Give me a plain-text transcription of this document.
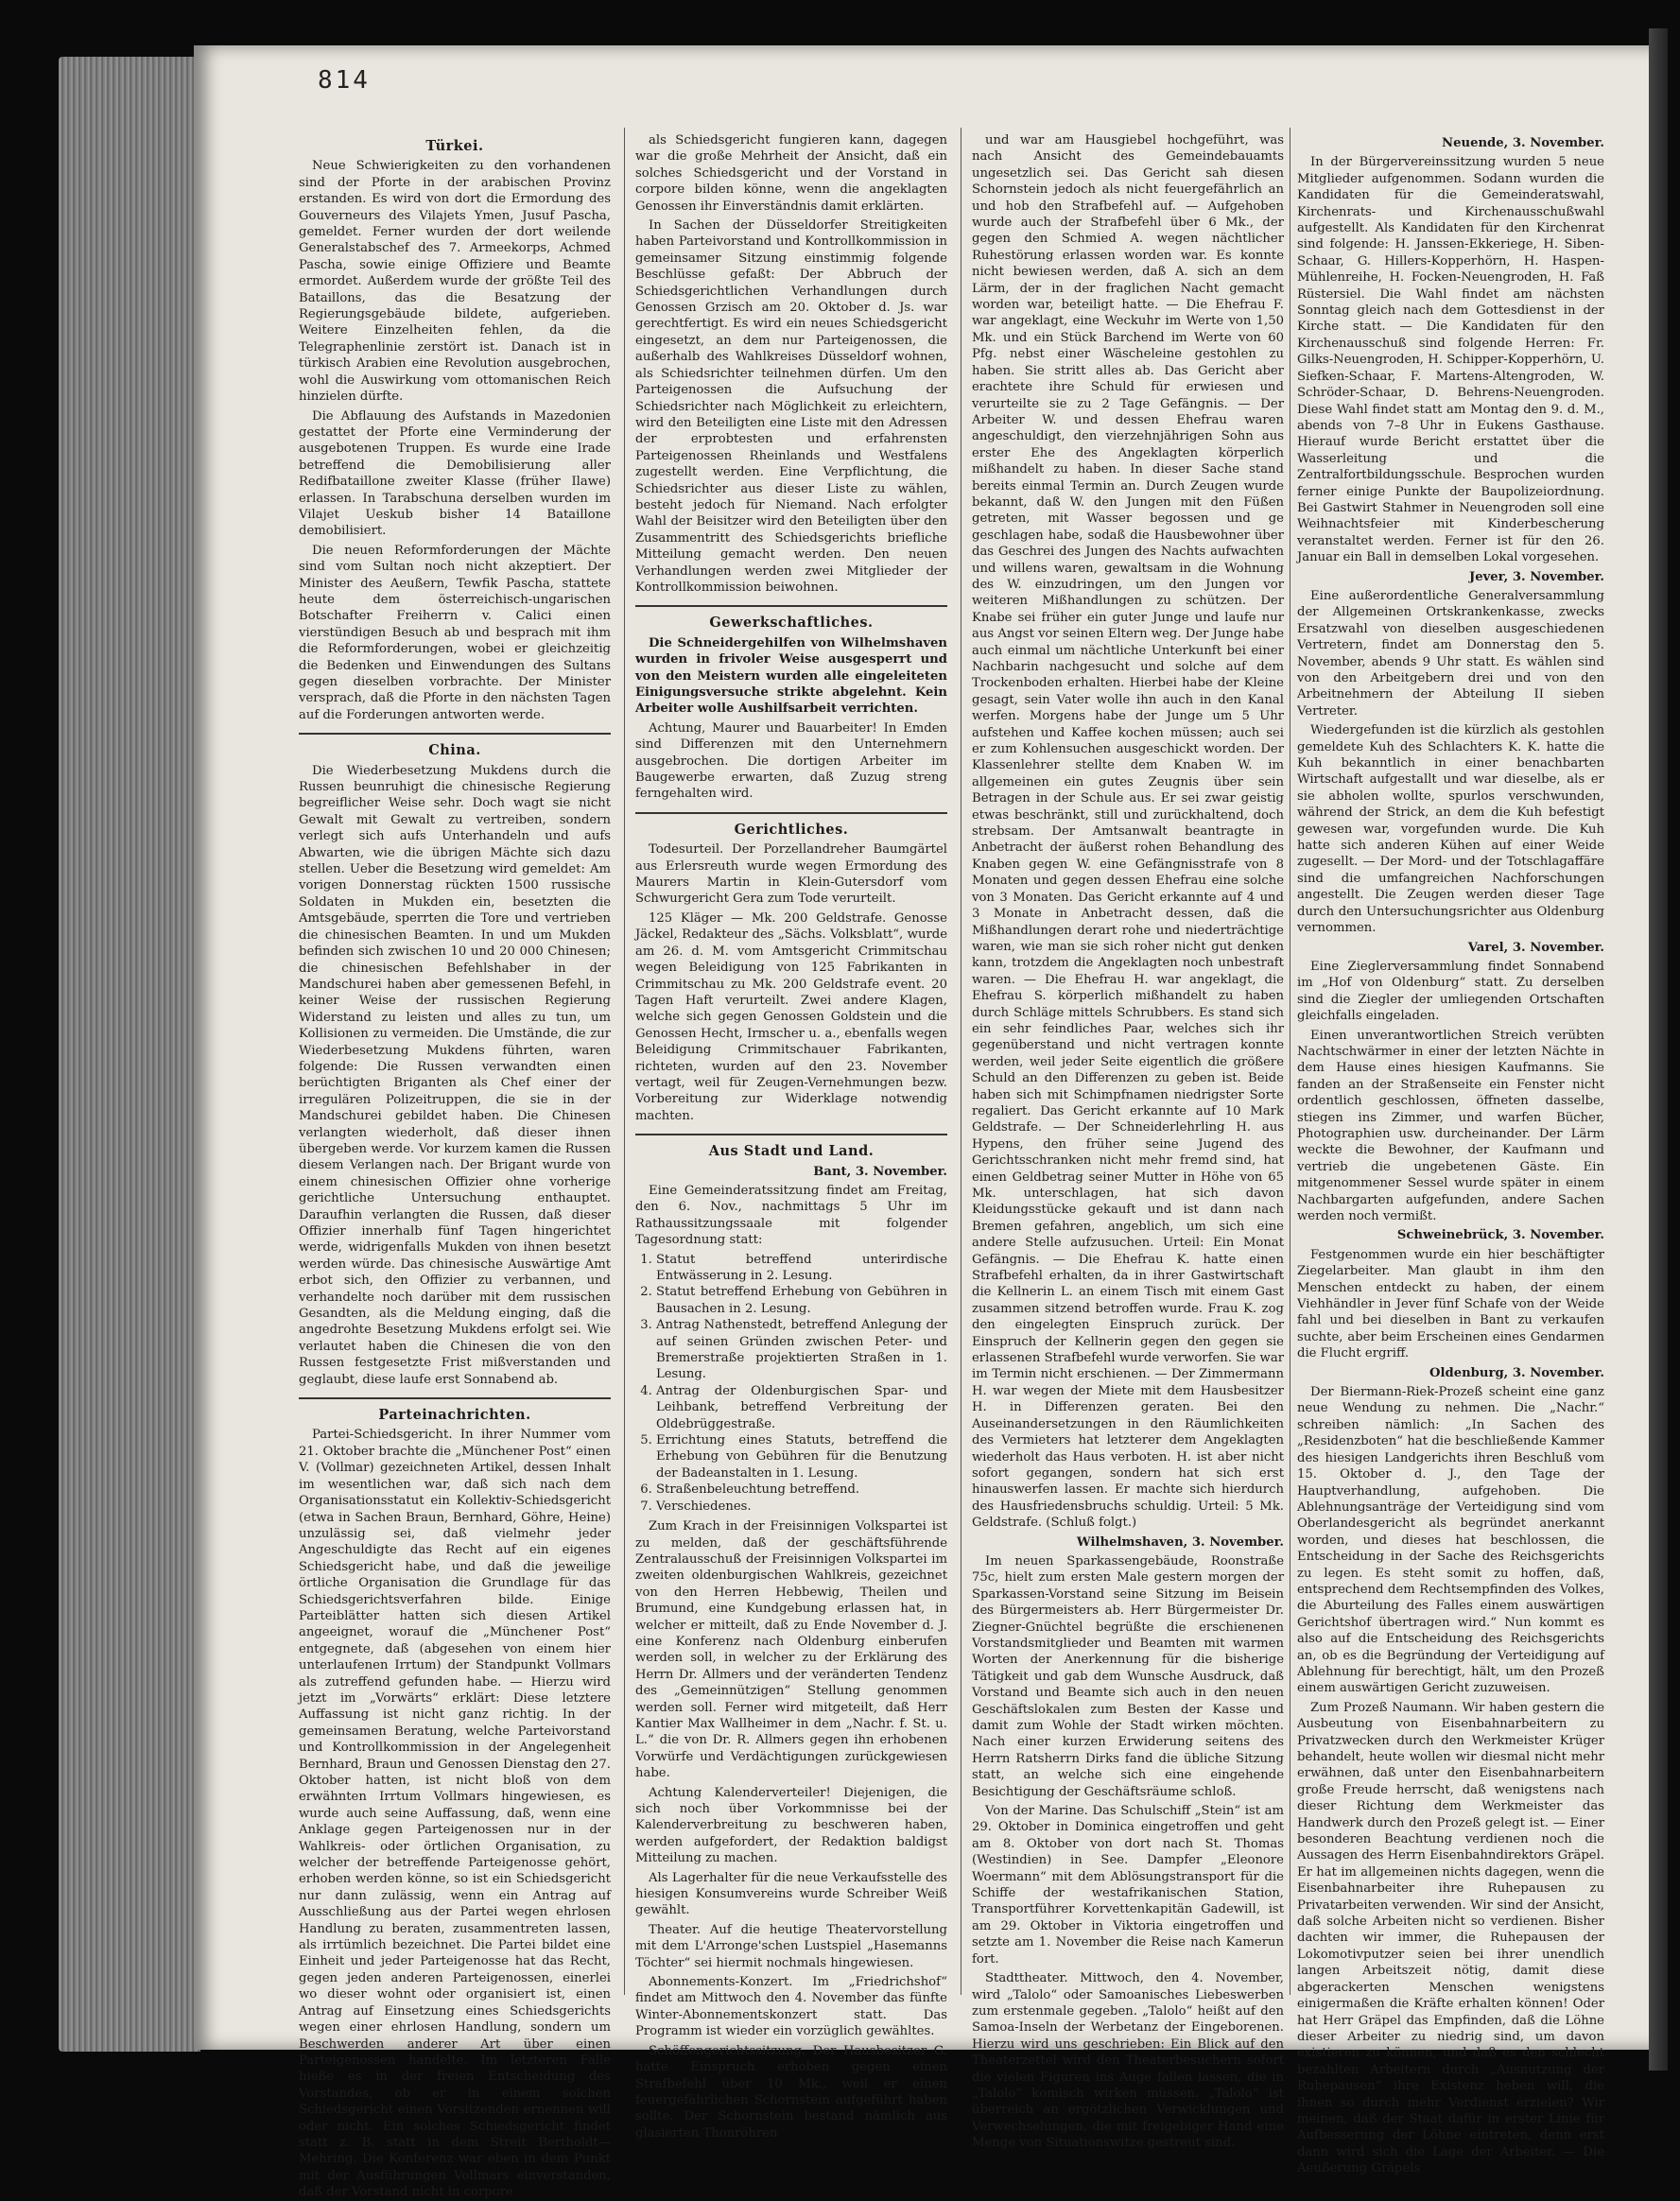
814
Türkei.

Neue Schwierigkeiten zu den vorhandenen sind der Pforte in der arabischen Provinz erstanden. Es wird von dort die Ermordung des Gouverneurs des Vilajets Ymen, Jusuf Pascha, gemeldet. Ferner wurden der dort weilende Generalstabschef des 7. Armeekorps, Achmed Pascha, sowie einige Offiziere und Beamte ermordet. Außerdem wurde der größte Teil des Bataillons, das die Besatzung der Regierungsgebäude bildete, aufgerieben. Weitere Einzelheiten fehlen, da die Telegraphenlinie zerstört ist. Danach ist in türkisch Arabien eine Revolution ausgebrochen, wohl die Auswirkung vom ottomanischen Reich hinzielen dürfte.

Die Abflauung des Aufstands in Mazedonien gestattet der Pforte eine Verminderung der ausgebotenen Truppen. Es wurde eine Irade betreffend die Demobilisierung aller Redifbataillone zweiter Klasse (früher Ilawe) erlassen. In Tarabschuna derselben wurden im Vilajet Ueskub bisher 14 Bataillone demobilisiert.

Die neuen Reformforderungen der Mächte sind vom Sultan noch nicht akzeptiert. Der Minister des Aeußern, Tewfik Pascha, stattete heute dem österreichisch-ungarischen Botschafter Freiherrn v. Calici einen vierstündigen Besuch ab und besprach mit ihm die Reformforderungen, wobei er gleichzeitig die Bedenken und Einwendungen des Sultans gegen dieselben vorbrachte. Der Minister versprach, daß die Pforte in den nächsten Tagen auf die Forderungen antworten werde.

China.

Die Wiederbesetzung Mukdens durch die Russen beunruhigt die chinesische Regierung begreiflicher Weise sehr. Doch wagt sie nicht Gewalt mit Gewalt zu vertreiben, sondern verlegt sich aufs Unterhandeln und aufs Abwarten, wie die übrigen Mächte sich dazu stellen. Ueber die Besetzung wird gemeldet: Am vorigen Donnerstag rückten 1500 russische Soldaten in Mukden ein, besetzten die Amtsgebäude, sperrten die Tore und vertrieben die chinesischen Beamten. In und um Mukden befinden sich zwischen 10 und 20 000 Chinesen; die chinesischen Befehlshaber in der Mandschurei haben aber gemessenen Befehl, in keiner Weise der russischen Regierung Widerstand zu leisten und alles zu tun, um Kollisionen zu vermeiden. Die Umstände, die zur Wiederbesetzung Mukdens führten, waren folgende: Die Russen verwandten einen berüchtigten Briganten als Chef einer der irregulären Polizeitruppen, die sie in der Mandschurei gebildet haben. Die Chinesen verlangten wiederholt, daß dieser ihnen übergeben werde. Vor kurzem kamen die Russen diesem Verlangen nach. Der Brigant wurde von einem chinesischen Offizier ohne vorherige gerichtliche Untersuchung enthauptet. Daraufhin verlangten die Russen, daß dieser Offizier innerhalb fünf Tagen hingerichtet werde, widrigenfalls Mukden von ihnen besetzt werden würde. Das chinesische Auswärtige Amt erbot sich, den Offizier zu verbannen, und verhandelte noch darüber mit dem russischen Gesandten, als die Meldung einging, daß die angedrohte Besetzung Mukdens erfolgt sei. Wie verlautet haben die Chinesen die von den Russen festgesetzte Frist mißverstanden und geglaubt, diese laufe erst Sonnabend ab.

Parteinachrichten.

Partei-Schiedsgericht. In ihrer Nummer vom 21. Oktober brachte die „Münchener Post“ einen V. (Vollmar) gezeichneten Artikel, dessen Inhalt im wesentlichen war, daß sich nach dem Organisationsstatut ein Kollektiv-Schiedsgericht (etwa in Sachen Braun, Bernhard, Göhre, Heine) unzulässig sei, daß vielmehr jeder Angeschuldigte das Recht auf ein eigenes Schiedsgericht habe, und daß die jeweilige örtliche Organisation die Grundlage für das Schiedsgerichtsverfahren bilde. Einige Parteiblätter hatten sich diesen Artikel angeeignet, worauf die „Münchener Post“ entgegnete, daß (abgesehen von einem hier unterlaufenen Irrtum) der Standpunkt Vollmars als zutreffend gefunden habe. — Hierzu wird jetzt im „Vorwärts“ erklärt: Diese letztere Auffassung ist nicht ganz richtig. In der gemeinsamen Beratung, welche Parteivorstand und Kontrollkommission in der Angelegenheit Bernhard, Braun und Genossen Dienstag den 27. Oktober hatten, ist nicht bloß von dem erwähnten Irrtum Vollmars hingewiesen, es wurde auch seine Auffassung, daß, wenn eine Anklage gegen Parteigenossen nur in der Wahlkreis- oder örtlichen Organisation, zu welcher der betreffende Parteigenosse gehört, erhoben werden könne, so ist ein Schiedsgericht nur dann zulässig, wenn ein Antrag auf Ausschließung aus der Partei wegen ehrlosen Handlung zu beraten, zusammentreten lassen, als irrtümlich bezeichnet. Die Partei bildet eine Einheit und jeder Parteigenosse hat das Recht, gegen jeden anderen Parteigenossen, einerlei wo dieser wohnt oder organisiert ist, einen Antrag auf Einsetzung eines Schiedsgerichts wegen einer ehrlosen Handlung, sondern um Beschwerden anderer Art über einen Parteigenossen handelte. Im letzteren Falle hieße es in der freien Entscheidung des Vorstandes, ob er in einem solchen Schiedsgericht einen Vorsitzenden ernennen will oder nicht. Ein solches Schiedsgericht findet statt z. B. statt in dem Streit Bertholdt—Mehring. Die Konferenz war eben in dem Punkt mit der Ausführungen Vollmars einverstanden, daß der Vorstand nicht in corpore

als Schiedsgericht fungieren kann, dagegen war die große Mehrheit der Ansicht, daß ein solches Schiedsgericht und der Vorstand in corpore bilden könne, wenn die angeklagten Genossen ihr Einverständnis damit erklärten.

In Sachen der Düsseldorfer Streitigkeiten haben Parteivorstand und Kontrollkommission in gemeinsamer Sitzung einstimmig folgende Beschlüsse gefaßt: Der Abbruch der Schiedsgerichtlichen Verhandlungen durch Genossen Grzisch am 20. Oktober d. Js. war gerechtfertigt. Es wird ein neues Schiedsgericht eingesetzt, an dem nur Parteigenossen, die außerhalb des Wahlkreises Düsseldorf wohnen, als Schiedsrichter teilnehmen dürfen. Um den Parteigenossen die Aufsuchung der Schiedsrichter nach Möglichkeit zu erleichtern, wird den Beteiligten eine Liste mit den Adressen der erprobtesten und erfahrensten Parteigenossen Rheinlands und Westfalens zugestellt werden. Eine Verpflichtung, die Schiedsrichter aus dieser Liste zu wählen, besteht jedoch für Niemand. Nach erfolgter Wahl der Beisitzer wird den Beteiligten über den Zusammentritt des Schiedsgerichts briefliche Mitteilung gemacht werden. Den neuen Verhandlungen werden zwei Mitglieder der Kontrollkommission beiwohnen.

Gewerkschaftliches.

Die Schneidergehilfen von Wilhelmshaven wurden in frivoler Weise ausgesperrt und von den Meistern wurden alle eingeleiteten Einigungsversuche strikte abgelehnt. Kein Arbeiter wolle Aushilfsarbeit verrichten.

Achtung, Maurer und Bauarbeiter! In Emden sind Differenzen mit den Unternehmern ausgebrochen. Die dortigen Arbeiter im Baugewerbe erwarten, daß Zuzug streng ferngehalten wird.

Gerichtliches.

Todesurteil. Der Porzellandreher Baumgärtel aus Erlersreuth wurde wegen Ermordung des Maurers Martin in Klein-Gutersdorf vom Schwurgericht Gera zum Tode verurteilt.

125 Kläger — Mk. 200 Geldstrafe. Genosse Jäckel, Redakteur des „Sächs. Volksblatt“, wurde am 26. d. M. vom Amtsgericht Crimmitschau wegen Beleidigung von 125 Fabrikanten in Crimmitschau zu Mk. 200 Geldstrafe event. 20 Tagen Haft verurteilt. Zwei andere Klagen, welche sich gegen Genossen Goldstein und die Genossen Hecht, Irmscher u. a., ebenfalls wegen Beleidigung Crimmitschauer Fabrikanten, richteten, wurden auf den 23. November vertagt, weil für Zeugen-Vernehmungen bezw. Vorbereitung zur Widerklage notwendig machten.

Aus Stadt und Land.
Bant, 3. November.

Eine Gemeinderatssitzung findet am Freitag, den 6. Nov., nachmittags 5 Uhr im Rathaussitzungssaale mit folgender Tagesordnung statt:

1. Statut betreffend unterirdische Entwässerung in 2. Lesung.
2. Statut betreffend Erhebung von Gebühren in Bausachen in 2. Lesung.
3. Antrag Nathenstedt, betreffend Anlegung der auf seinen Gründen zwischen Peter- und Bremerstraße projektierten Straßen in 1. Lesung.
4. Antrag der Oldenburgischen Spar- und Leihbank, betreffend Verbreitung der Oldebrüggestraße.
5. Errichtung eines Statuts, betreffend die Erhebung von Gebühren für die Benutzung der Badeanstalten in 1. Lesung.
6. Straßenbeleuchtung betreffend.
7. Verschiedenes.

Zum Krach in der Freisinnigen Volkspartei ist zu melden, daß der geschäftsführende Zentralausschuß der Freisinnigen Volkspartei im zweiten oldenburgischen Wahlkreis, gezeichnet von den Herren Hebbewig, Theilen und Brumund, eine Kundgebung erlassen hat, in welcher er mitteilt, daß zu Ende November d. J. eine Konferenz nach Oldenburg einberufen werden soll, in welcher zu der Erklärung des Herrn Dr. Allmers und der veränderten Tendenz des „Gemeinnützigen“ Stellung genommen werden soll. Ferner wird mitgeteilt, daß Herr Kantier Max Wallheimer in dem „Nachr. f. St. u. L.“ die von Dr. R. Allmers gegen ihn erhobenen Vorwürfe und Verdächtigungen zurückgewiesen habe.

Achtung Kalenderverteiler! Diejenigen, die sich noch über Vorkommnisse bei der Kalenderverbreitung zu beschweren haben, werden aufgefordert, der Redaktion baldigst Mitteilung zu machen.

Als Lagerhalter für die neue Verkaufsstelle des hiesigen Konsumvereins wurde Schreiber Weiß gewählt.

Theater. Auf die heutige Theatervorstellung mit dem L'Arronge'schen Lustspiel „Hasemanns Töchter“ sei hiermit nochmals hingewiesen.

Abonnements-Konzert. Im „Friedrichshof“ findet am Mittwoch den 4. November das fünfte Winter-Abonnementskonzert statt. Das Programm ist wieder ein vorzüglich gewähltes.

Schöffengerichtssitzung. Der Hausbesitzer G. hatte Einspruch erhoben gegen einen Strafbefehl über 10 Mk., weil er einen feuergefährlichen Schornstein aufgeführt haben sollte. Der Schornstein bestand nämlich aus glasierten Thonröhren

und war am Hausgiebel hochgeführt, was nach Ansicht des Gemeindebauamts ungesetzlich sei. Das Gericht sah diesen Schornstein jedoch als nicht feuergefährlich an und hob den Strafbefehl auf. — Aufgehoben wurde auch der Strafbefehl über 6 Mk., der gegen den Schmied A. wegen nächtlicher Ruhestörung erlassen worden war. Es konnte nicht bewiesen werden, daß A. sich an dem Lärm, der in der fraglichen Nacht gemacht worden war, beteiligt hatte. — Die Ehefrau F. war angeklagt, eine Weckuhr im Werte von 1,50 Mk. und ein Stück Barchend im Werte von 60 Pfg. nebst einer Wäscheleine gestohlen zu haben. Sie stritt alles ab. Das Gericht aber erachtete ihre Schuld für erwiesen und verurteilte sie zu 2 Tage Gefängnis. — Der Arbeiter W. und dessen Ehefrau waren angeschuldigt, den vierzehnjährigen Sohn aus erster Ehe des Angeklagten körperlich mißhandelt zu haben. In dieser Sache stand bereits einmal Termin an. Durch Zeugen wurde bekannt, daß W. den Jungen mit den Füßen getreten, mit Wasser begossen und ge geschlagen habe, sodaß die Hausbewohner über das Geschrei des Jungen des Nachts aufwachten und willens waren, gewaltsam in die Wohnung des W. einzudringen, um den Jungen vor weiteren Mißhandlungen zu schützen. Der Knabe sei früher ein guter Junge und laufe nur aus Angst vor seinen Eltern weg. Der Junge habe auch einmal um nächtliche Unterkunft bei einer Nachbarin nachgesucht und solche auf dem Trockenboden erhalten. Hierbei habe der Kleine gesagt, sein Vater wolle ihn auch in den Kanal werfen. Morgens habe der Junge um 5 Uhr aufstehen und Kaffee kochen müssen; auch sei er zum Kohlensuchen ausgeschickt worden. Der Klassenlehrer stellte dem Knaben W. im allgemeinen ein gutes Zeugnis über sein Betragen in der Schule aus. Er sei zwar geistig etwas beschränkt, still und zurückhaltend, doch strebsam. Der Amtsanwalt beantragte in Anbetracht der äußerst rohen Behandlung des Knaben gegen W. eine Gefängnisstrafe von 8 Monaten und gegen dessen Ehefrau eine solche von 3 Monaten. Das Gericht erkannte auf 4 und 3 Monate in Anbetracht dessen, daß die Mißhandlungen derart rohe und niederträchtige waren, wie man sie sich roher nicht gut denken kann, trotzdem die Angeklagten noch unbestraft waren. — Die Ehefrau H. war angeklagt, die Ehefrau S. körperlich mißhandelt zu haben durch Schläge mittels Schrubbers. Es stand sich ein sehr feindliches Paar, welches sich ihr gegenüberstand und nicht vertragen konnte werden, weil jeder Seite eigentlich die größere Schuld an den Differenzen zu geben ist. Beide haben sich mit Schimpfnamen niedrigster Sorte regaliert. Das Gericht erkannte auf 10 Mark Geldstrafe. — Der Schneiderlehrling H. aus Hypens, den früher seine Jugend des Gerichtsschranken nicht mehr fremd sind, hat einen Geldbetrag seiner Mutter in Höhe von 65 Mk. unterschlagen, hat sich davon Kleidungsstücke gekauft und ist dann nach Bremen gefahren, angeblich, um sich eine andere Stelle aufzusuchen. Urteil: Ein Monat Gefängnis. — Die Ehefrau K. hatte einen Strafbefehl erhalten, da in ihrer Gastwirtschaft die Kellnerin L. an einem Tisch mit einem Gast zusammen sitzend betroffen wurde. Frau K. zog den eingelegten Einspruch zurück. Der Einspruch der Kellnerin gegen den gegen sie erlassenen Strafbefehl wurde verworfen. Sie war im Termin nicht erschienen. — Der Zimmermann H. war wegen der Miete mit dem Hausbesitzer H. in Differenzen geraten. Bei den Auseinandersetzungen in den Räumlichkeiten des Vermieters hat letzterer dem Angeklagten wiederholt das Haus verboten. H. ist aber nicht sofort gegangen, sondern hat sich erst hinauswerfen lassen. Er machte sich hierdurch des Hausfriedensbruchs schuldig. Urteil: 5 Mk. Geldstrafe. (Schluß folgt.)

Wilhelmshaven, 3. November.

Im neuen Sparkassengebäude, Roonstraße 75c, hielt zum ersten Male gestern morgen der Sparkassen-Vorstand seine Sitzung im Beisein des Bürgermeisters ab. Herr Bürgermeister Dr. Ziegner-Gnüchtel begrüßte die erschienenen Vorstandsmitglieder und Beamten mit warmen Worten der Anerkennung für die bisherige Tätigkeit und gab dem Wunsche Ausdruck, daß Vorstand und Beamte sich auch in den neuen Geschäftslokalen zum Besten der Kasse und damit zum Wohle der Stadt wirken möchten. Nach einer kurzen Erwiderung seitens des Herrn Ratsherrn Dirks fand die übliche Sitzung statt, an welche sich eine eingehende Besichtigung der Geschäftsräume schloß.

Von der Marine. Das Schulschiff „Stein“ ist am 29. Oktober in Dominica eingetroffen und geht am 8. Oktober von dort nach St. Thomas (Westindien) in See. Dampfer „Eleonore Woermann“ mit dem Ablösungstransport für die Schiffe der westafrikanischen Station, Transportführer Korvettenkapitän Gadewill, ist am 29. Oktober in Viktoria eingetroffen und setzte am 1. November die Reise nach Kamerun fort.

Stadttheater. Mittwoch, den 4. November, wird „Talolo“ oder Samoanisches Liebeswerben zum erstenmale gegeben. „Talolo“ heißt auf den Samoa-Inseln der Werbetanz der Eingeborenen. Hierzu wird uns geschrieben: Ein Blick auf den Theaterzettel wird den Theaterbesuchern sofort die vielen Figuren ins Auge fallen lassen, die in „Talolo“ komisch wirken müssen. „Talolo“ ist überreich an ergötzlichen Verwicklungen und Verwechselungen, die mit freigebiger Hand eine Menge von Situationswitze gestreut sind.

Neuende, 3. November.

In der Bürgervereinssitzung wurden 5 neue Mitglieder aufgenommen. Sodann wurden die Kandidaten für die Gemeinderatswahl, Kirchenrats- und Kirchenausschußwahl aufgestellt. Als Kandidaten für den Kirchenrat sind folgende: H. Janssen-Ekkeriege, H. Siben-Schaar, G. Hillers-Kopperhörn, H. Haspen-Mühlenreihe, H. Focken-Neuengroden, H. Faß Rüstersiel. Die Wahl findet am nächsten Sonntag gleich nach dem Gottesdienst in der Kirche statt. — Die Kandidaten für den Kirchenausschuß sind folgende Herren: Fr. Gilks-Neuengroden, H. Schipper-Kopperhörn, U. Siefken-Schaar, F. Martens-Altengroden, W. Schröder-Schaar, D. Behrens-Neuengroden. Diese Wahl findet statt am Montag den 9. d. M., abends von 7–8 Uhr in Eukens Gasthause. Hierauf wurde Bericht erstattet über die Wasserleitung und die Zentralfortbildungsschule. Besprochen wurden ferner einige Punkte der Baupolizeiordnung. Bei Gastwirt Stahmer in Neuengroden soll eine Weihnachtsfeier mit Kinderbescherung veranstaltet werden. Ferner ist für den 26. Januar ein Ball in demselben Lokal vorgesehen.

Jever, 3. November.

Eine außerordentliche Generalversammlung der Allgemeinen Ortskrankenkasse, zwecks Ersatzwahl von dieselben ausgeschiedenen Vertretern, findet am Donnerstag den 5. November, abends 9 Uhr statt. Es wählen sind von den Arbeitgebern drei und von den Arbeitnehmern der Abteilung II sieben Vertreter.

Wiedergefunden ist die kürzlich als gestohlen gemeldete Kuh des Schlachters K. K. hatte die Kuh bekanntlich in einer benachbarten Wirtschaft aufgestallt und war dieselbe, als er sie abholen wollte, spurlos verschwunden, während der Strick, an dem die Kuh befestigt gewesen war, vorgefunden wurde. Die Kuh hatte sich anderen Kühen auf einer Weide zugesellt. — Der Mord- und der Totschlagaffäre sind die umfangreichen Nachforschungen angestellt. Die Zeugen werden dieser Tage durch den Untersuchungsrichter aus Oldenburg vernommen.

Varel, 3. November.

Eine Zieglerversammlung findet Sonnabend im „Hof von Oldenburg“ statt. Zu derselben sind die Ziegler der umliegenden Ortschaften gleichfalls eingeladen.

Einen unverantwortlichen Streich verübten Nachtschwärmer in einer der letzten Nächte in dem Hause eines hiesigen Kaufmanns. Sie fanden an der Straßenseite ein Fenster nicht ordentlich geschlossen, öffneten dasselbe, stiegen ins Zimmer, und warfen Bücher, Photographien usw. durcheinander. Der Lärm weckte die Bewohner, der Kaufmann und vertrieb die ungebetenen Gäste. Ein mitgenommener Sessel wurde später in einem Nachbargarten aufgefunden, andere Sachen werden noch vermißt.

Schweinebrück, 3. November.

Festgenommen wurde ein hier beschäftigter Ziegelarbeiter. Man glaubt in ihm den Menschen entdeckt zu haben, der einem Viehhändler in Jever fünf Schafe von der Weide fahl und bei dieselben in Bant zu verkaufen suchte, aber beim Erscheinen eines Gendarmen die Flucht ergriff.

Oldenburg, 3. November.

Der Biermann-Riek-Prozeß scheint eine ganz neue Wendung zu nehmen. Die „Nachr.“ schreiben nämlich: „In Sachen des „Residenzboten“ hat die beschließende Kammer des hiesigen Landgerichts ihren Beschluß vom 15. Oktober d. J., den Tage der Hauptverhandlung, aufgehoben. Die Ablehnungsanträge der Verteidigung sind vom Oberlandesgericht als begründet anerkannt worden, und dieses hat beschlossen, die Entscheidung in der Sache des Reichsgerichts zu legen. Es steht somit zu hoffen, daß, entsprechend dem Rechtsempfinden des Volkes, die Aburteilung des Falles einem auswärtigen Gerichtshof übertragen wird.“ Nun kommt es also auf die Entscheidung des Reichsgerichts an, ob es die Begründung der Verteidigung auf Ablehnung für berechtigt, hält, um den Prozeß einem auswärtigen Gericht zuzuweisen.

Zum Prozeß Naumann. Wir haben gestern die Ausbeutung von Eisenbahnarbeitern zu Privatzwecken durch den Werkmeister Krüger behandelt, heute wollen wir diesmal nicht mehr erwähnen, daß unter den Eisenbahnarbeitern große Freude herrscht, daß wenigstens nach dieser Richtung dem Werkmeister das Handwerk durch den Prozeß gelegt ist. — Einer besonderen Beachtung verdienen noch die Aussagen des Herrn Eisenbahndirektors Gräpel. Er hat im allgemeinen nichts dagegen, wenn die Eisenbahnarbeiter ihre Ruhepausen zu Privatarbeiten verwenden. Wir sind der Ansicht, daß solche Arbeiten nicht so verdienen. Bisher dachten wir immer, die Ruhepausen der Lokomotivputzer seien bei ihrer unendlich langen Arbeitszeit nötig, damit diese abgerackerten Menschen wenigstens einigermaßen die Kräfte erhalten können! Oder hat Herr Gräpel das Empfinden, daß die Löhne dieser Arbeiter zu niedrig sind, um davon existieren zu können, und daß es den schlecht bezahlten Arbeitern durch „Ausnutzung der Ruhepausen“ ihre Existenz heben will, die ihnen so durch mehr Verdienst erzielen? Wir meinen, daß der Staat dafür in erster Linie für Aufbesserung der Löhne eintreten, denn erst dann wird sich die Lage der Arbeiter. — Die Aeußerung Gräpels
